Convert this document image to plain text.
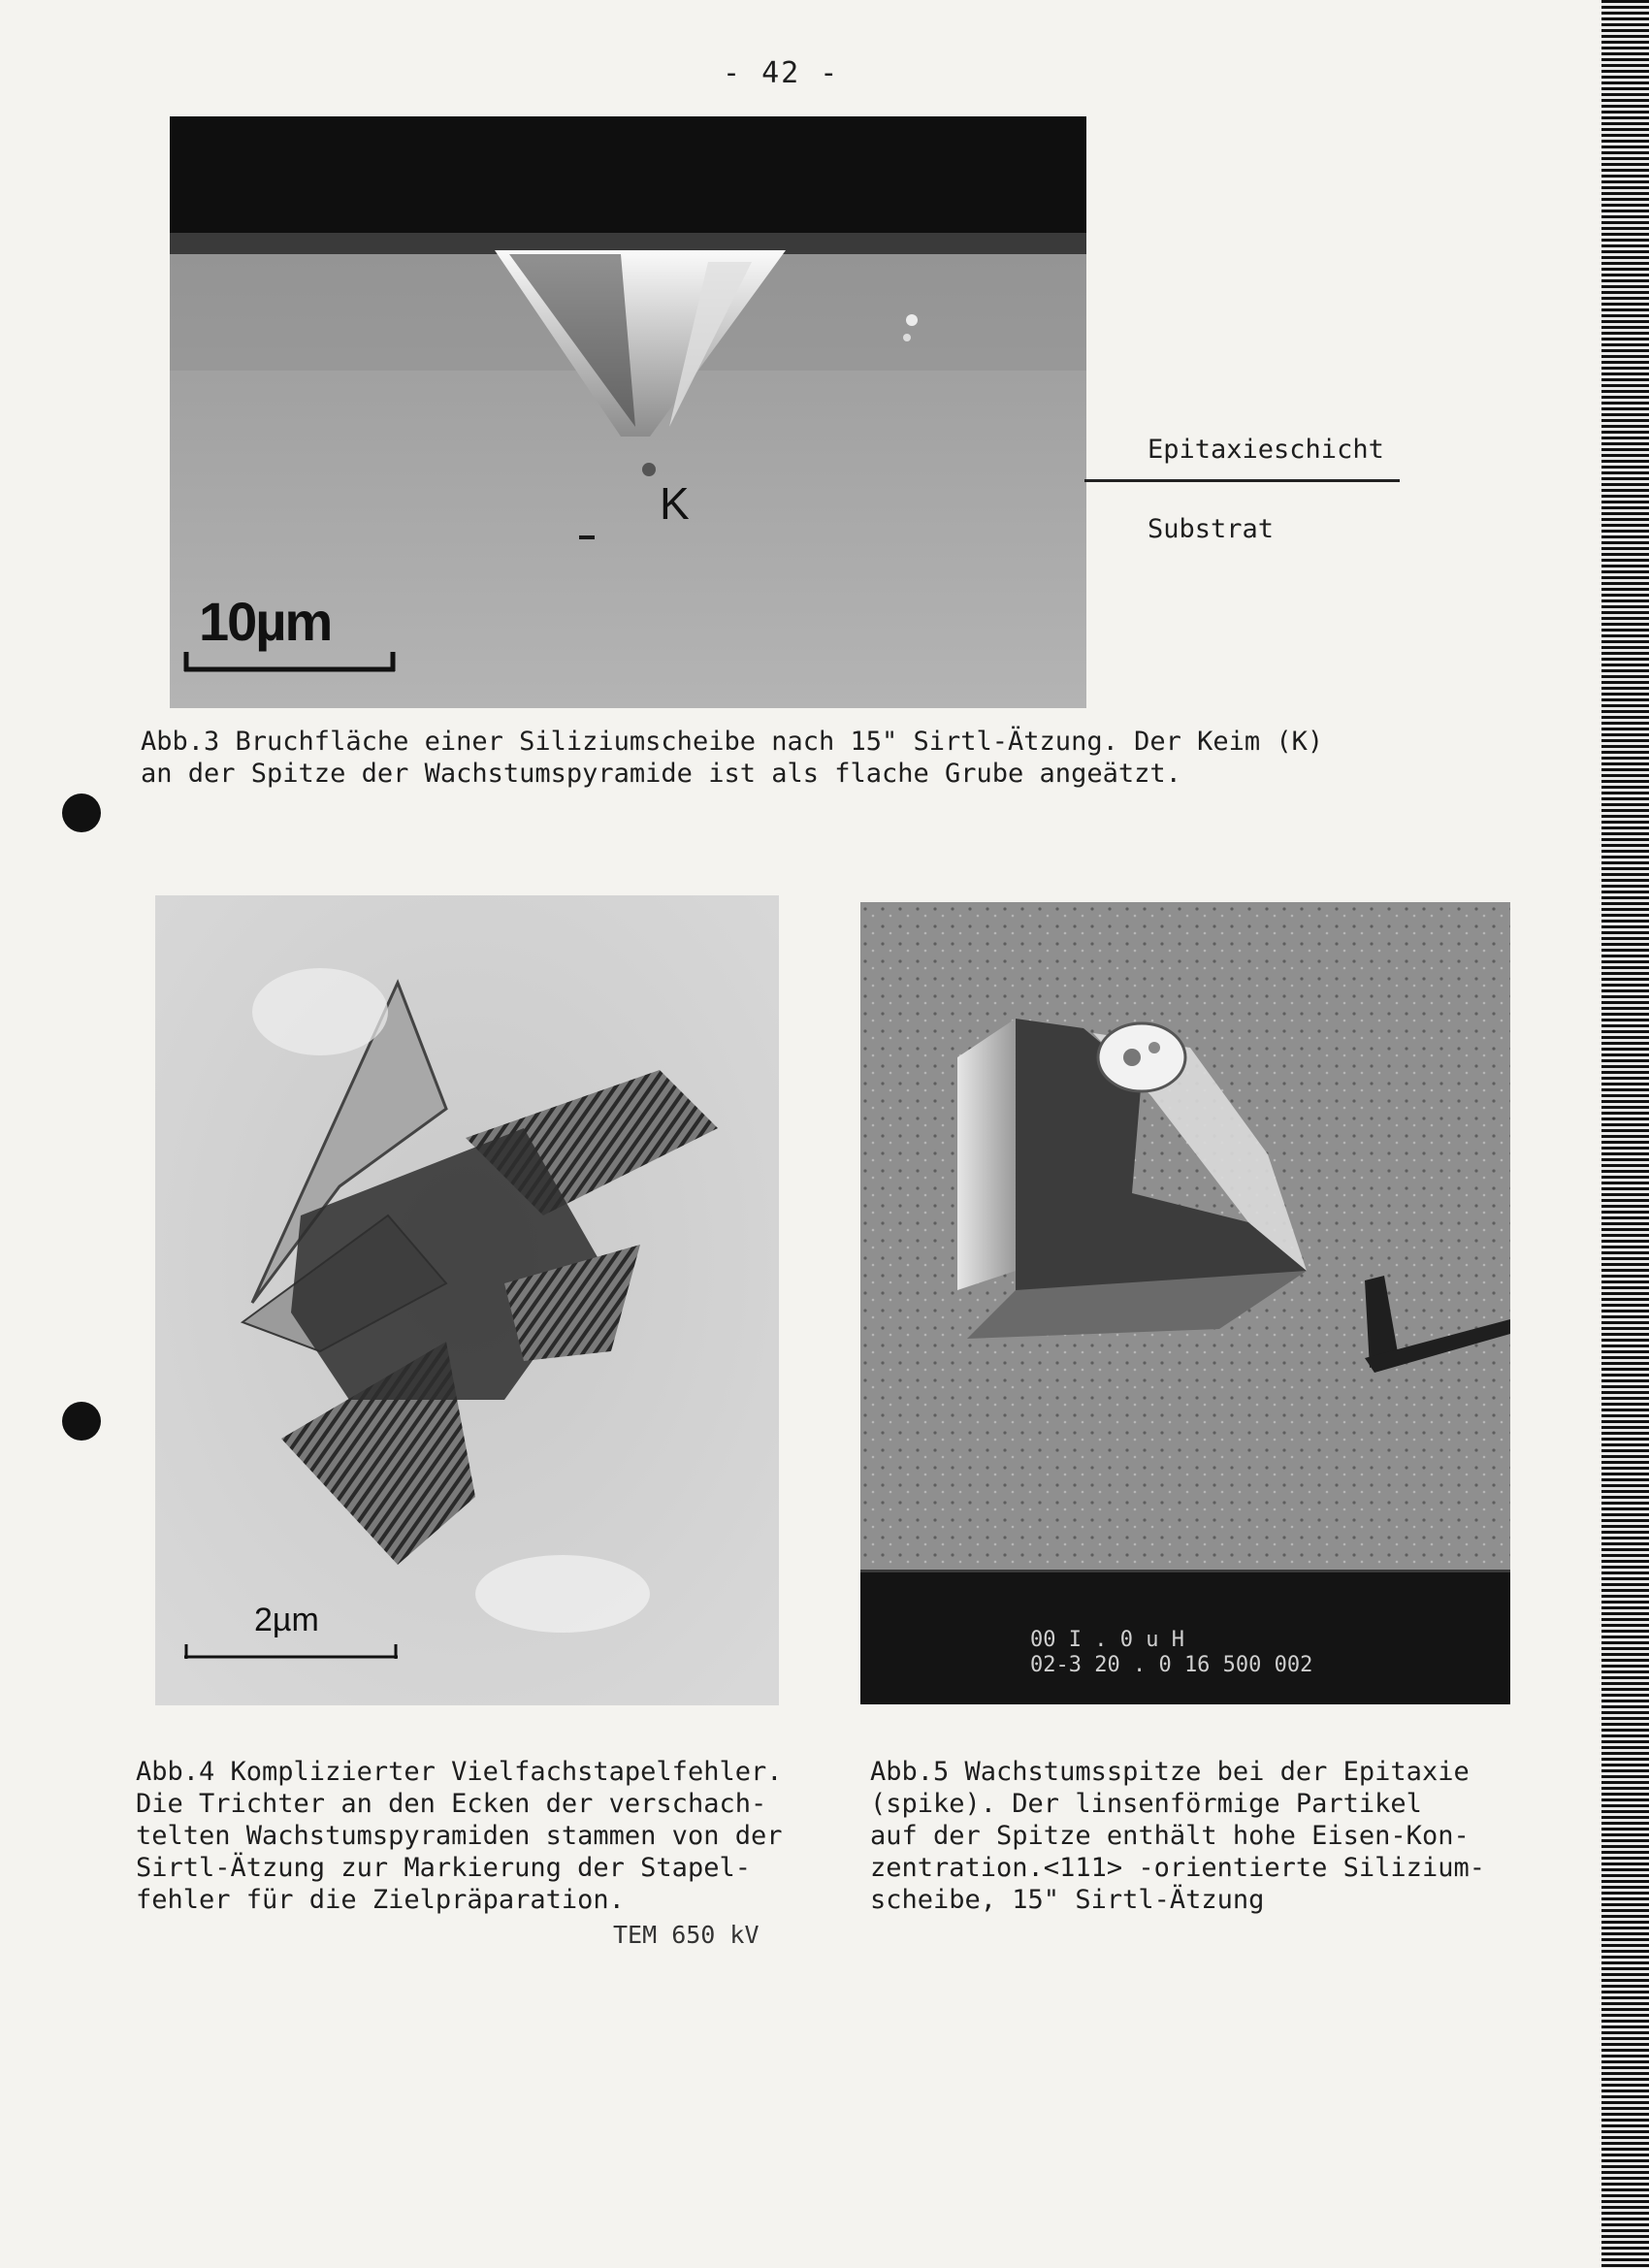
- 42 -
K
10µm
Epitaxieschicht
Substrat
Abb.3 Bruchfläche einer Siliziumscheibe nach 15" Sirtl-Ätzung. Der Keim (K)
an der Spitze der Wachstumspyramide ist als flache Grube angeätzt.
2µm
Abb.4 Komplizierter Vielfachstapelfehler.
Die Trichter an den Ecken der verschach-
telten Wachstumspyramiden stammen von der
Sirtl-Ätzung zur Markierung der Stapel-
fehler für die Zielpräparation.
TEM 650 kV
00 I . 0 u H
02-3 20 . 0 16 500 002
Abb.5 Wachstumsspitze bei der Epitaxie
(spike). Der linsenförmige Partikel
auf der Spitze enthält hohe Eisen-Kon-
zentration.<111> -orientierte Silizium-
scheibe, 15" Sirtl-Ätzung
